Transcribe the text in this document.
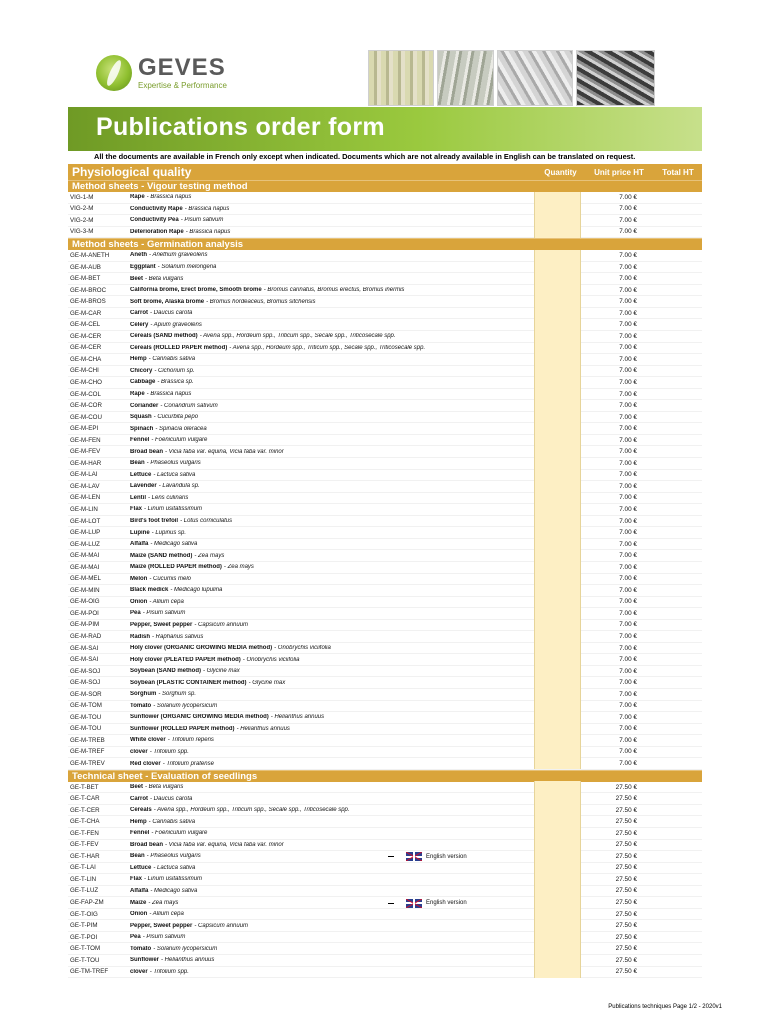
GEVES
Expertise & Performance
Publications order form
All the documents are available in French only except when indicated. Documents which are not already available in English can be translated on request.
Physiological quality	Quantity	Unit price HT	Total HT
Method sheets - Vigour testing method
VIG-1-M	Rape - Brassica napus	7.00 €
VIG-2-M	Conductivity Rape - Brassica napus	7.00 €
VIG-2-M	Conductivity Pea - Pisum sativum	7.00 €
VIG-3-M	Deterioration Rape - Brassica napus	7.00 €
Method sheets - Germination analysis
GE-M-ANETH	Aneth - Anethum graveolens	7.00 €
GE-M-AUB	Eggplant - Solanum melongena	7.00 €
GE-M-BET	Beet - Beta vulgaris	7.00 €
GE-M-BROC	California brome, Erect brome, Smooth brome - Bromus carinatus, Bromus erectus, Bromus inermis	7.00 €
GE-M-BROS	Soft brome, Alaska brome - Bromus hordeaceus, Bromus sitchensis	7.00 €
GE-M-CAR	Carrot - Daucus carota	7.00 €
GE-M-CEL	Celery - Apium graveolens	7.00 €
GE-M-CER	Cereals (SAND method) - Avena spp., Hordeum spp., Triticum spp., Secale spp., Triticosecale spp.	7.00 €
GE-M-CER	Cereals (ROLLED PAPER method) - Avena spp., Hordeum spp., Triticum spp., Secale spp., Triticosecale spp.	7.00 €
GE-M-CHA	Hemp - Cannabis sativa	7.00 €
GE-M-CHI	Chicory - Cichorium sp.	7.00 €
GE-M-CHO	Cabbage - Brassica sp.	7.00 €
GE-M-COL	Rape - Brassica napus	7.00 €
GE-M-COR	Coriander - Coriandrum sativum	7.00 €
GE-M-COU	Squash - Cucurbita pepo	7.00 €
GE-M-EPI	Spinach - Spinacia oleracea	7.00 €
GE-M-FEN	Fennel - Foeniculum vulgare	7.00 €
GE-M-FEV	Broad bean - Vicia faba var. equina, Vicia faba var. minor	7.00 €
GE-M-HAR	Bean - Phaseolus vulgaris	7.00 €
GE-M-LAI	Lettuce - Lactuca sativa	7.00 €
GE-M-LAV	Lavender - Lavandula sp.	7.00 €
GE-M-LEN	Lentil - Lens culinaris	7.00 €
GE-M-LIN	Flax - Linum usitatissimum	7.00 €
GE-M-LOT	Bird's foot trefoil - Lotus corniculatus	7.00 €
GE-M-LUP	Lupine - Lupinus sp.	7.00 €
GE-M-LUZ	Alfalfa - Medicago sativa	7.00 €
GE-M-MAI	Maize (SAND method) - Zea mays	7.00 €
GE-M-MAI	Maize (ROLLED PAPER method) - Zea mays	7.00 €
GE-M-MEL	Melon - Cucumis melo	7.00 €
GE-M-MIN	Black medick - Medicago lupulina	7.00 €
GE-M-OIG	Onion - Allium cepa	7.00 €
GE-M-POI	Pea - Pisum sativum	7.00 €
GE-M-PIM	Pepper, Sweet pepper - Capsicum annuum	7.00 €
GE-M-RAD	Radish - Raphanus sativus	7.00 €
GE-M-SAI	Holy clover (ORGANIC GROWING MEDIA method) - Onobrychis viciifolia	7.00 €
GE-M-SAI	Holy clover (PLEATED PAPER method) - Onobrychis viciifolia	7.00 €
GE-M-SOJ	Soybean (SAND method) - Glycine max	7.00 €
GE-M-SOJ	Soybean (PLASTIC CONTAINER method) - Glycine max	7.00 €
GE-M-SOR	Sorghum - Sorghum sp.	7.00 €
GE-M-TOM	Tomato - Solanum lycopersicum	7.00 €
GE-M-TOU	Sunflower (ORGANIC GROWING MEDIA method) - Helianthus annuus	7.00 €
GE-M-TOU	Sunflower (ROLLED PAPER method) - Helianthus annuus	7.00 €
GE-M-TREB	White clover - Trifolium repens	7.00 €
GE-M-TREF	clover - Trifolium spp.	7.00 €
GE-M-TREV	Red clover - Trifolium pratense	7.00 €
Technical sheet - Evaluation of seedlings
GE-T-BET	Beet - Beta vulgaris	27.50 €
GE-T-CAR	Carrot - Daucus carota	27.50 €
GE-T-CER	Cereals - Avena spp., Hordeum spp., Triticum spp., Secale spp., Triticosecale spp.	27.50 €
GE-T-CHA	Hemp - Cannabis sativa	27.50 €
GE-T-FEN	Fennel - Foeniculum vulgare	27.50 €
GE-T-FEV	Broad bean - Vicia faba var. equina, Vicia faba var. minor	27.50 €
GE-T-HAR	Bean - Phaseolus vulgaris	27.50 €
English version
GE-T-LAI	Lettuce - Lactuca sativa	27.50 €
GE-T-LIN	Flax - Linum usitatissimum	27.50 €
GE-T-LUZ	Alfalfa - Medicago sativa	27.50 €
GE-FAP-ZM	Maize - Zea mays	27.50 €
English version
GE-T-OIG	Onion - Allium cepa	27.50 €
GE-T-PIM	Pepper, Sweet pepper - Capsicum annuum	27.50 €
GE-T-POI	Pea - Pisum sativum	27.50 €
GE-T-TOM	Tomato - Solanum lycopersicum	27.50 €
GE-T-TOU	Sunflower - Helianthus annuus	27.50 €
GE-TM-TREF	clover - Trifolium spp.	27.50 €
Publications techniques Page 1/2 - 2020v1
